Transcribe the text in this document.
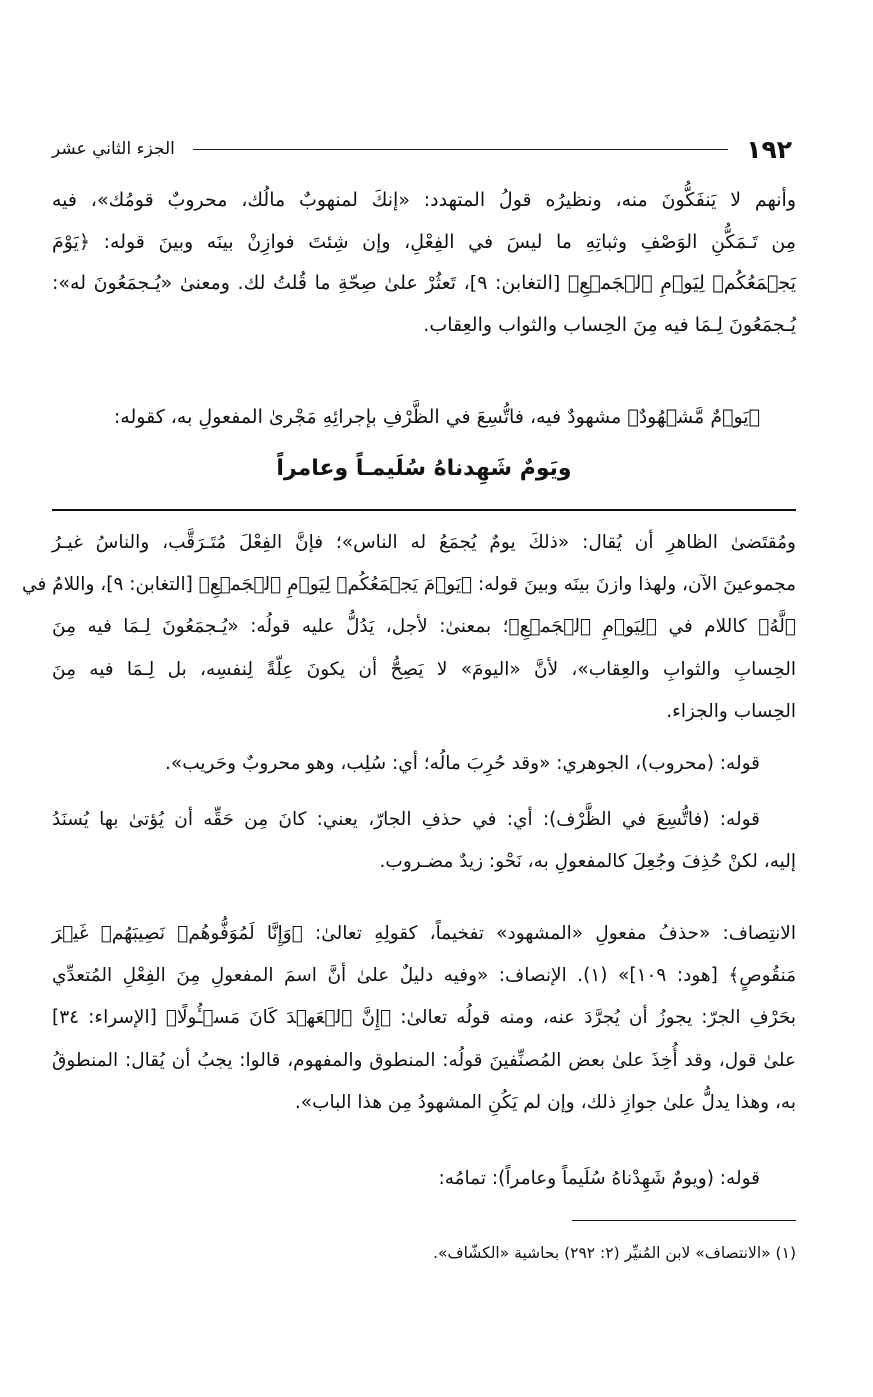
١٩٢
الجزء الثاني عشر
وأنهم لا يَنفَكُّونَ منه، ونظيرُه قولُ المتهدد: «إنكَ لمنهوبٌ مالُك، محروبٌ قومُك»، فيه
مِن تَـمَكُّنِ الوَصْفِ وثباتِهِ ما ليسَ في الفِعْلِ، وإن شِئتَ فوازِنْ بينَه وبينَ قوله: ﴿يَوْمَ
يَجۡمَعُكُمۡ لِيَوۡمِ ٱلۡجَمۡعِ﴾ [التغابن: ٩]، تَعثُرْ علىٰ صِحّةِ ما قُلتُ لك. ومعنىٰ «يُـجمَعُونَ له»:
يُـجمَعُونَ لِـمَا فيه مِنَ الحِساب والثواب والعِقاب.
﴿يَوۡمٌ مَّشۡهُودٌ﴾ مشهودٌ فيه، فاتُّسِعَ في الظَّرْفِ بإجرائِهِ مَجْرىٰ المفعولِ به، كقوله:
ويَومٌ شَهِدناهُ سُلَيمـاً وعامراً
ومُقتَضىٰ الظاهرِ أن يُقال: «ذلكَ يومٌ يُجمَعُ له الناس»؛ فإنَّ الفِعْلَ مُتَـرَقَّب، والناسُ غيـرُ
مجموعينَ الآن، ولهذا وازنَ بينَه وبينَ قوله: ﴿يَوۡمَ يَجۡمَعُكُمۡ لِيَوۡمِ ٱلۡجَمۡعِ﴾ [التغابن: ٩]، واللامُ في
﴿لَّهُ﴾ كاللام في ﴿لِيَوۡمِ ٱلۡجَمۡعِ﴾؛ بمعنىٰ: لأجل، يَدُلُّ عليه قولُه: «يُـجمَعُونَ لِـمَا فيه مِنَ
الحِسابِ والثوابِ والعِقاب»، لأنَّ «اليومَ» لا يَصِحُّ أن يكونَ عِلّةً لِنفسِه، بل لِـمَا فيه مِنَ
الحِساب والجزاء.
قوله: (محروب)، الجوهري: «وقد حُرِبَ مالُه؛ أي: سُلِب، وهو محروبٌ وحَريب».
قوله: (فاتُّسِعَ في الظَّرْف): أي: في حذفِ الجارّ، يعني: كانَ مِن حَقِّه أن يُؤتىٰ بها يُسنَدُ
إليه، لكنْ حُذِفَ وجُعِلَ كالمفعولِ به، نَحْو: زيدٌ مضـروب.
الانتِصاف: «حذفُ مفعولِ «المشهود» تفخيماً، كقولِهِ تعالىٰ: ﴿وَإِنَّا لَمُوَفُّوهُمۡ نَصِيبَهُمۡ غَيۡرَ
مَنقُوصٍ﴾ [هود: ١٠٩]» (١). الإنصاف: «وفيه دليلٌ علىٰ أنَّ اسمَ المفعولِ مِنَ الفِعْلِ المُتعدِّي
بحَرْفِ الجرّ: يجوزُ أن يُجرَّدَ عنه، ومنه قولُه تعالىٰ: ﴿إِنَّ ٱلۡعَهۡدَ كَانَ مَسۡـُٔولًا﴾ [الإسراء: ٣٤]
علىٰ قول، وقد أُخِذَ علىٰ بعض المُصنِّفينَ قولُه: المنطوق والمفهوم، قالوا: يجبُ أن يُقال: المنطوقُ
به، وهذا يدلُّ علىٰ جوازِ ذلك، وإن لم يَكُنِ المشهودُ مِن هذا الباب».
قوله: (ويومٌ شَهِدْناهُ سُلَيماً وعامراً): تمامُه:
(١) «الانتصاف» لابن المُنيِّر (٢: ٢٩٢) بحاشية «الكشّاف».
